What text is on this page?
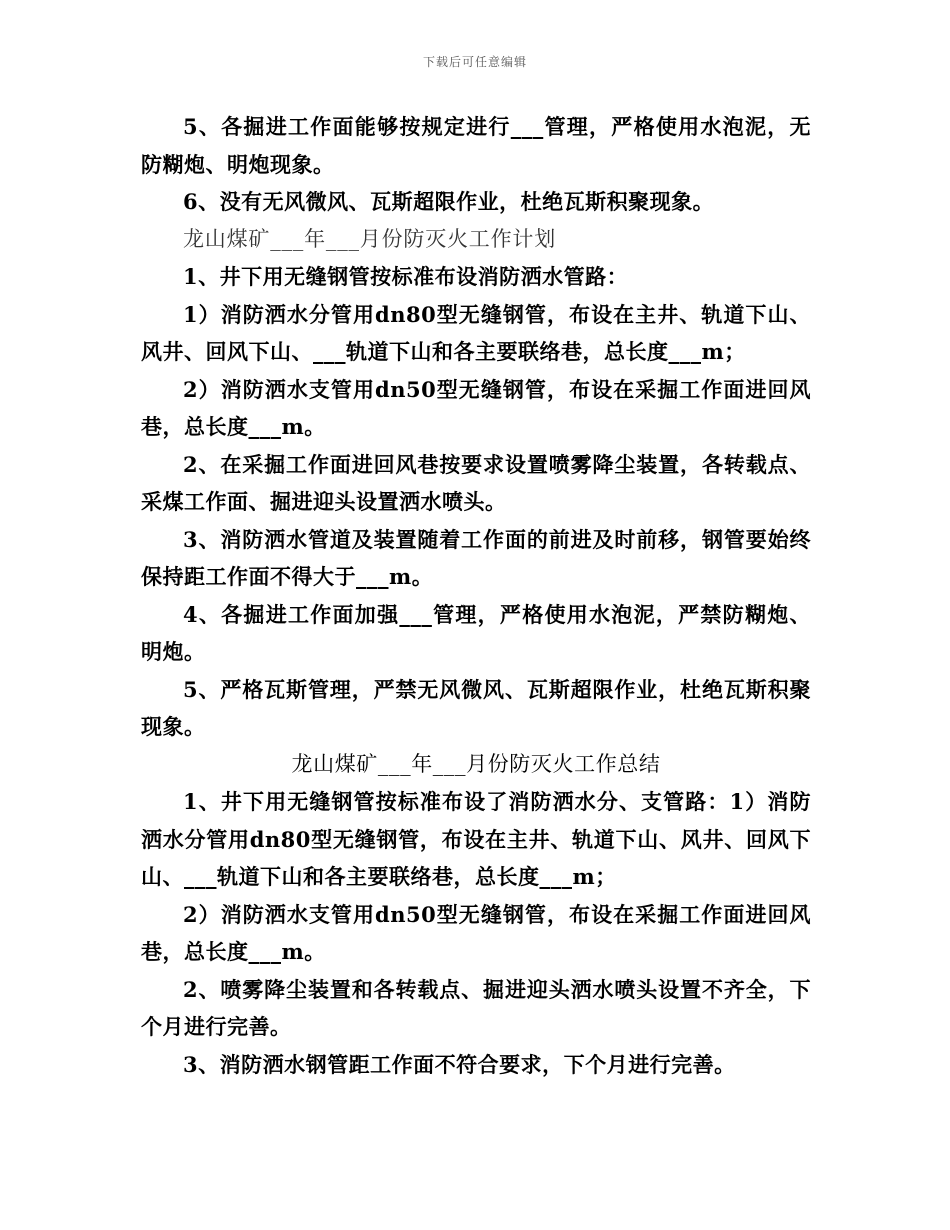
下载后可任意编辑

5、各掘进工作面能够按规定进行___管理，严格使用水泡泥，无防糊炮、明炮现象。

6、没有无风微风、瓦斯超限作业，杜绝瓦斯积聚现象。

龙山煤矿___年___月份防灭火工作计划

1、井下用无缝钢管按标准布设消防洒水管路：

1）消防洒水分管用dn80型无缝钢管，布设在主井、轨道下山、风井、回风下山、___轨道下山和各主要联络巷，总长度___m；

2）消防洒水支管用dn50型无缝钢管，布设在采掘工作面进回风巷，总长度___m。

2、在采掘工作面进回风巷按要求设置喷雾降尘装置，各转载点、采煤工作面、掘进迎头设置洒水喷头。

3、消防洒水管道及装置随着工作面的前进及时前移，钢管要始终保持距工作面不得大于___m。

4、各掘进工作面加强___管理，严格使用水泡泥，严禁防糊炮、明炮。

5、严格瓦斯管理，严禁无风微风、瓦斯超限作业，杜绝瓦斯积聚现象。

龙山煤矿___年___月份防灭火工作总结

1、井下用无缝钢管按标准布设了消防洒水分、支管路：1）消防洒水分管用dn80型无缝钢管，布设在主井、轨道下山、风井、回风下山、___轨道下山和各主要联络巷，总长度___m；

2）消防洒水支管用dn50型无缝钢管，布设在采掘工作面进回风巷，总长度___m。

2、喷雾降尘装置和各转载点、掘进迎头洒水喷头设置不齐全，下个月进行完善。

3、消防洒水钢管距工作面不符合要求，下个月进行完善。
